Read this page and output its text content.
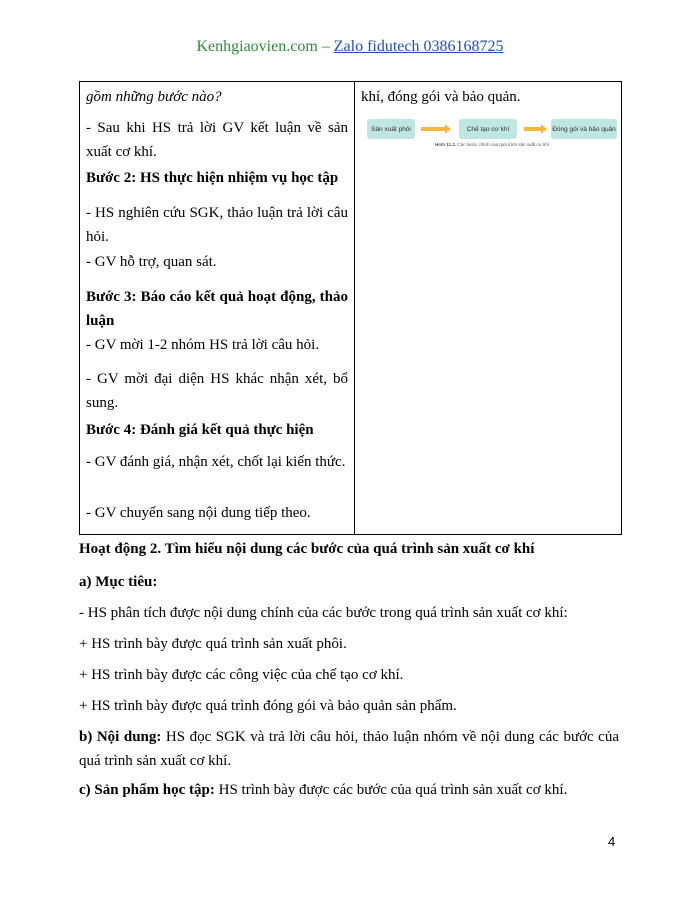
Kenhgiaovien.com – Zalo fidutech 0386168725
gồm những bước nào?
- Sau khi HS trả lời GV kết luận về sản xuất cơ khí.
Bước 2: HS thực hiện nhiệm vụ học tập
- HS nghiên cứu SGK, thảo luận trả lời câu hỏi.
- GV hỗ trợ, quan sát.
Bước 3: Báo cáo kết quả hoạt động, thảo luận
- GV mời 1-2 nhóm HS trả lời câu hỏi.
- GV mời đại diện HS khác nhận xét, bổ sung.
Bước 4: Đánh giá kết quả thực hiện
- GV đánh giá, nhận xét, chốt lại kiến thức.
- GV chuyển sang nội dung tiếp theo.
khí, đóng gói và bảo quản.
Sản xuất phôi	Chế tạo cơ khí	Đóng gói và bảo quản
Hình 11.2. Các bước chính của quá trình sản xuất cơ khí
Hoạt động 2. Tìm hiểu nội dung các bước của quá trình sản xuất cơ khí
a) Mục tiêu:
- HS phân tích được nội dung chính của các bước trong quá trình sản xuất cơ khí:
+ HS trình bày được quá trình sản xuất phôi.
+ HS trình bày được các công việc của chế tạo cơ khí.
+ HS trình bày được quá trình đóng gói và bảo quản sản phẩm.
b) Nội dung: HS đọc SGK và trả lời câu hỏi, thảo luận nhóm về nội dung các bước của quá trình sản xuất cơ khí.
c) Sản phẩm học tập: HS trình bày được các bước của quá trình sản xuất cơ khí.
4
